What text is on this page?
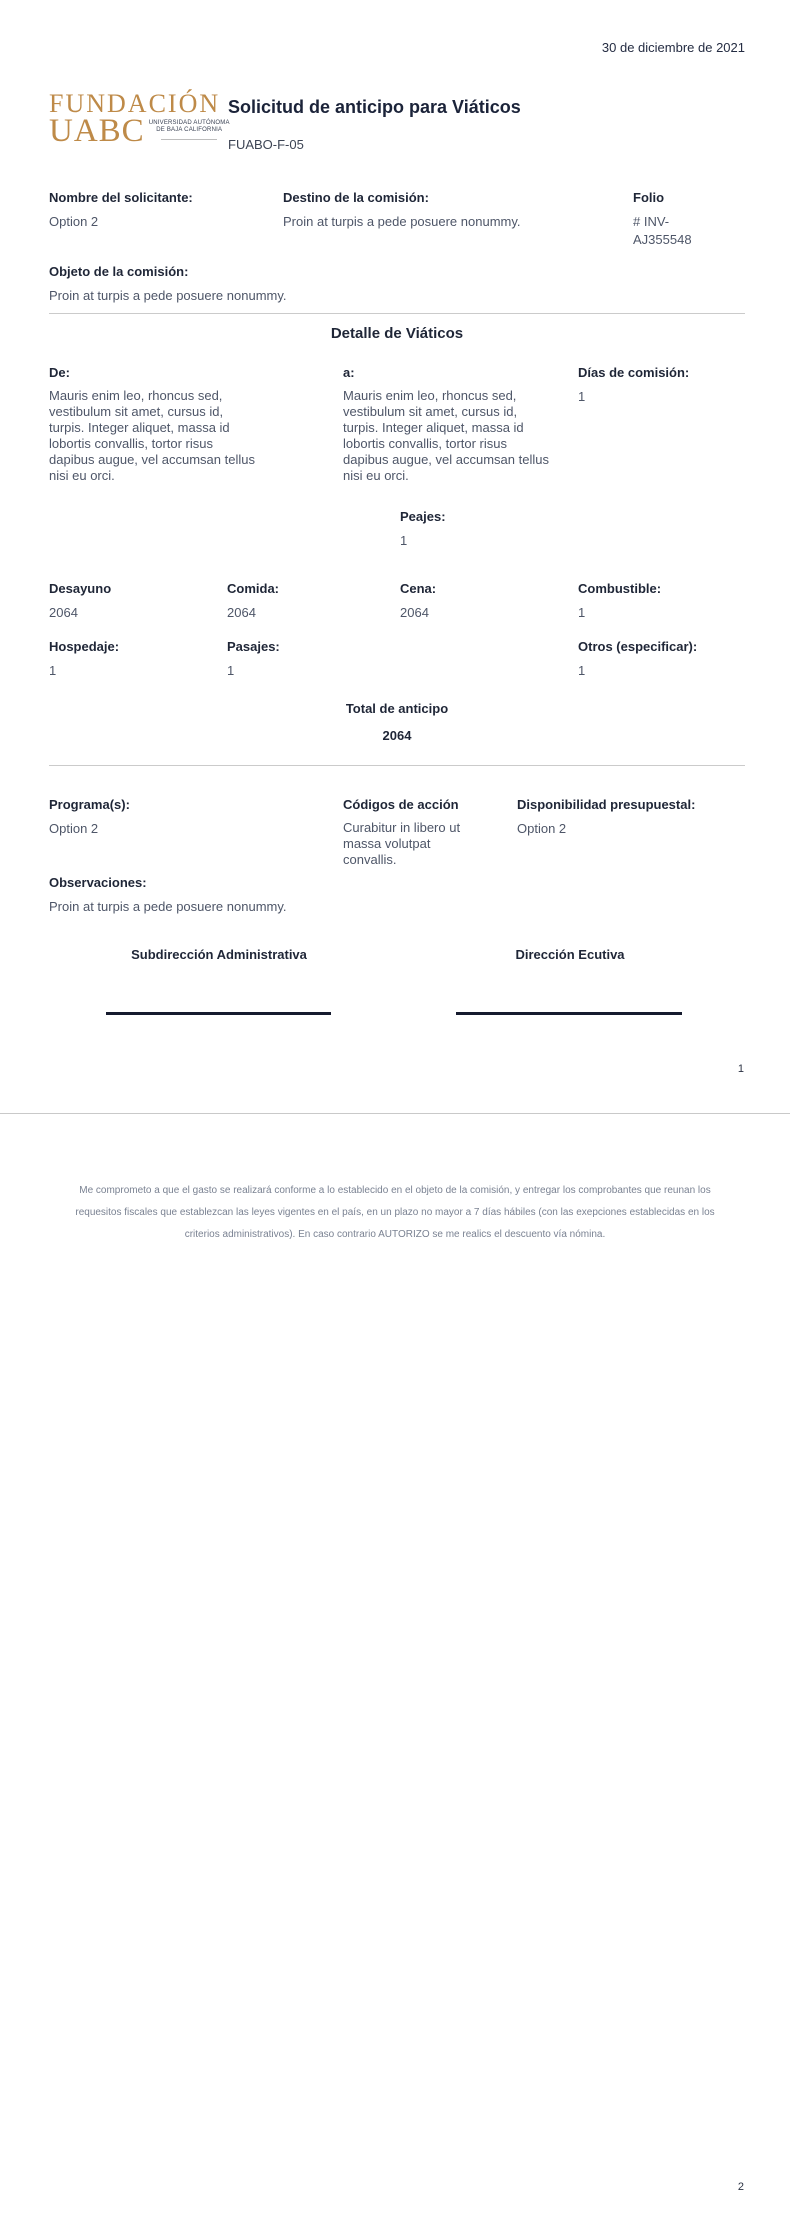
30 de diciembre de 2021
FUNDACIÓN
UABC UNIVERSIDAD AUTÓNOMA
DE BAJA CALIFORNIA
Solicitud de anticipo para Viáticos
FUABO-F-05
Nombre del solicitante:
Option 2
Destino de la comisión:
Proin at turpis a pede posuere nonummy.
Folio
# INV-AJ355548
Objeto de la comisión:
Proin at turpis a pede posuere nonummy.
Detalle de Viáticos
De:
Mauris enim leo, rhoncus sed, vestibulum sit amet, cursus id, turpis. Integer aliquet, massa id lobortis convallis, tortor risus dapibus augue, vel accumsan tellus nisi eu orci.
a:
Mauris enim leo, rhoncus sed, vestibulum sit amet, cursus id, turpis. Integer aliquet, massa id lobortis convallis, tortor risus dapibus augue, vel accumsan tellus nisi eu orci.
Días de comisión:
1
Peajes:
1
Desayuno
2064
Comida:
2064
Cena:
2064
Combustible:
1
Hospedaje:
1
Pasajes:
1
Otros (especificar):
1
Total de anticipo
2064
Programa(s):
Option 2
Códigos de acción
Curabitur in libero ut massa volutpat convallis.
Disponibilidad presupuestal:
Option 2
Observaciones:
Proin at turpis a pede posuere nonummy.
Subdirección Administrativa	Dirección Ecutiva
1
Me comprometo a que el gasto se realizará conforme a lo establecido en el objeto de la comisión, y entregar los comprobantes que reunan los requesitos fiscales que establezcan las leyes vigentes en el país, en un plazo no mayor a 7 días hábiles (con las exepciones establecidas en los criterios administrativos). En caso contrario AUTORIZO se me realics el descuento vía nómina.
2
